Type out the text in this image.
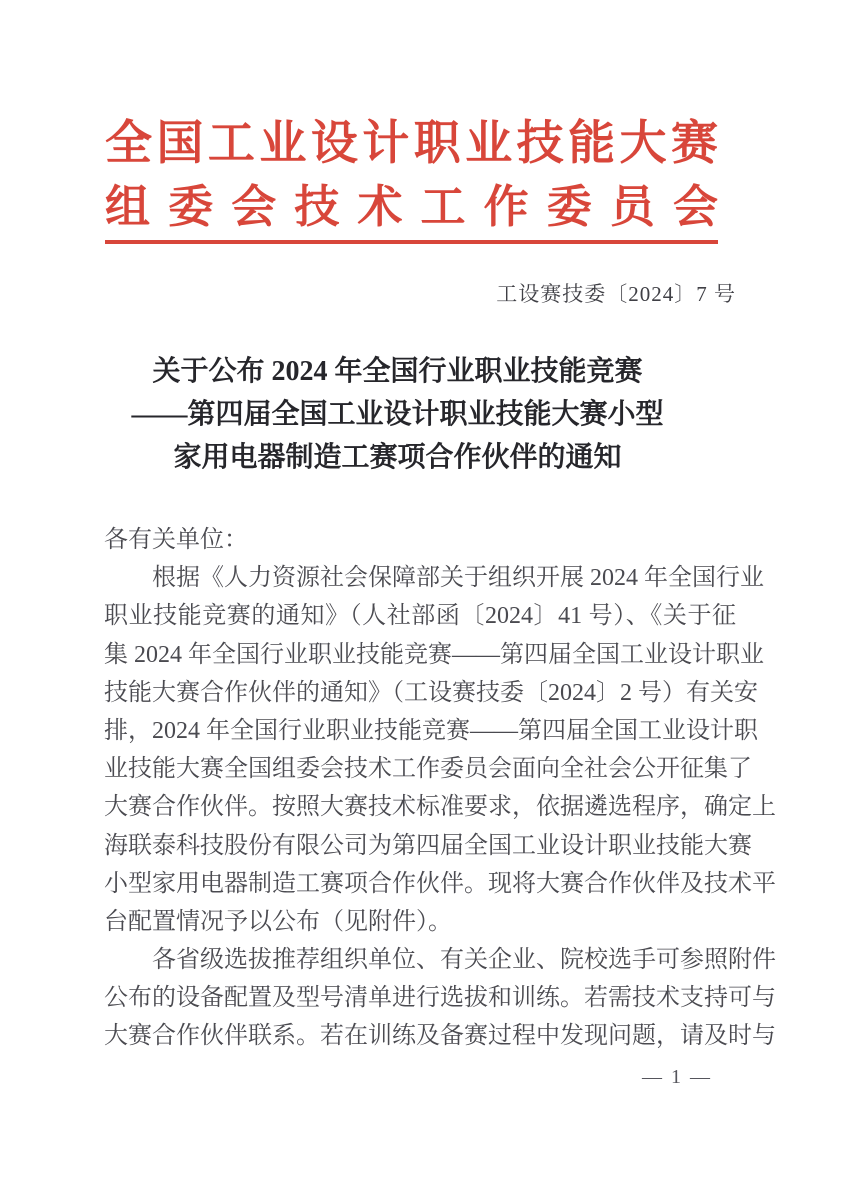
全国工业设计职业技能大赛
组委会技术工作委员会
工设赛技委〔2024〕7 号
关于公布 2024 年全国行业职业技能竞赛
——第四届全国工业设计职业技能大赛小型
家用电器制造工赛项合作伙伴的通知
各有关单位：
根据《人力资源社会保障部关于组织开展 2024 年全国行业
职业技能竞赛的通知》（人社部函〔2024〕41 号）、《关于征
集 2024 年全国行业职业技能竞赛——第四届全国工业设计职业
技能大赛合作伙伴的通知》（工设赛技委〔2024〕2 号）有关安
排，2024 年全国行业职业技能竞赛——第四届全国工业设计职
业技能大赛全国组委会技术工作委员会面向全社会公开征集了
大赛合作伙伴。按照大赛技术标准要求，依据遴选程序，确定上
海联泰科技股份有限公司为第四届全国工业设计职业技能大赛
小型家用电器制造工赛项合作伙伴。现将大赛合作伙伴及技术平
台配置情况予以公布（见附件）。
各省级选拔推荐组织单位、有关企业、院校选手可参照附件
公布的设备配置及型号清单进行选拔和训练。若需技术支持可与
大赛合作伙伴联系。若在训练及备赛过程中发现问题，请及时与
— 1 —
